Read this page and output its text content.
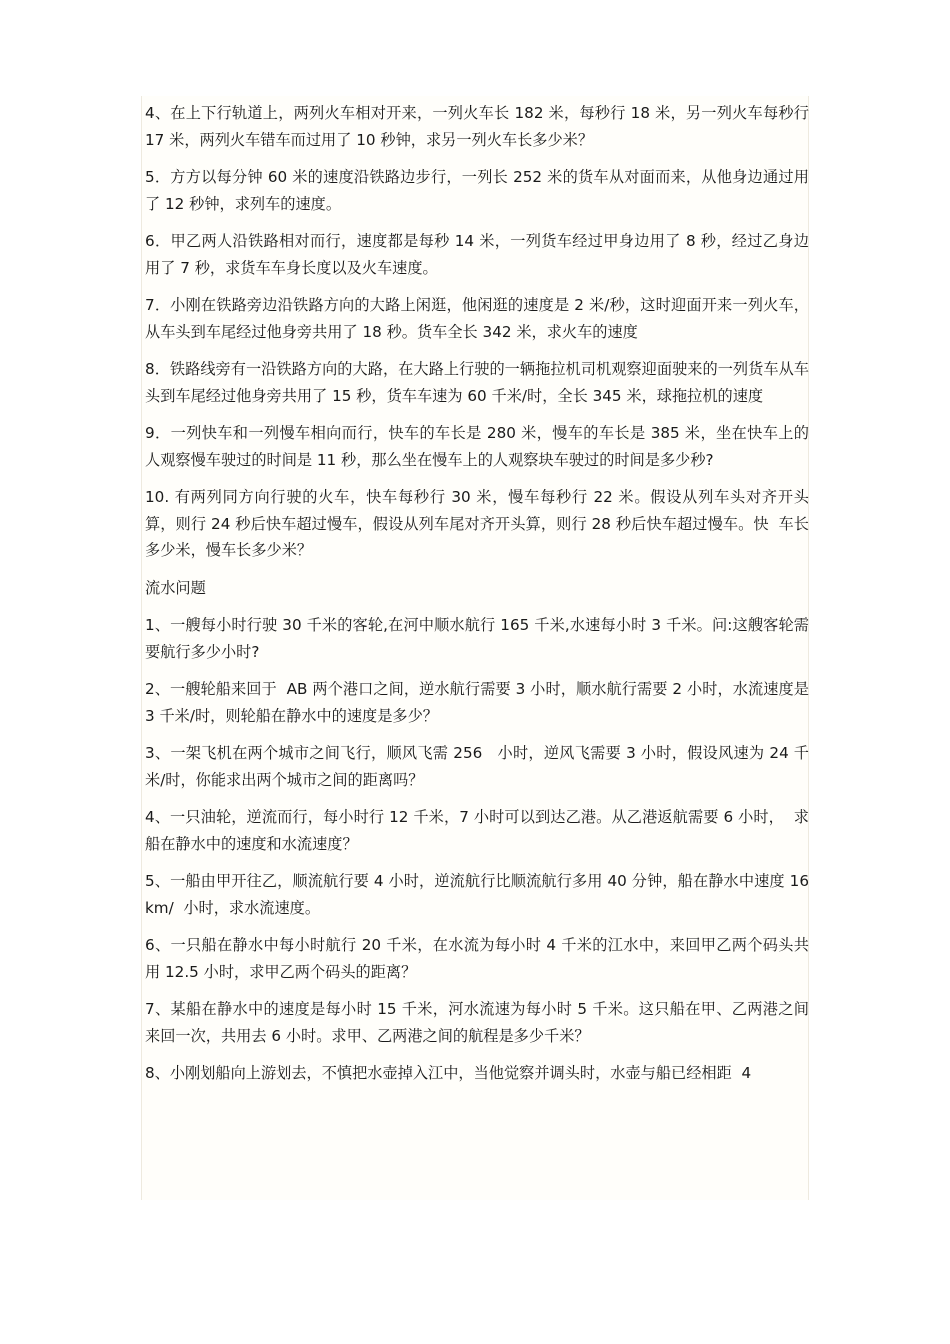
4、在上下行轨道上，两列火车相对开来，一列火车长 182 米，每秒行 18 米，另一列火车每秒行 17 米，两列火车错车而过用了 10 秒钟，求另一列火车长多少米？

5．方方以每分钟 60 米的速度沿铁路边步行，一列长 252 米的货车从对面而来，从他身边通过用了 12 秒钟，求列车的速度。

6．甲乙两人沿铁路相对而行，速度都是每秒 14 米，一列货车经过甲身边用了 8 秒，经过乙身边用了 7 秒，求货车车身长度以及火车速度。

7．小刚在铁路旁边沿铁路方向的大路上闲逛，他闲逛的速度是 2 米/秒，这时迎面开来一列火车，从车头到车尾经过他身旁共用了 18 秒。货车全长 342 米，求火车的速度

8．铁路线旁有一沿铁路方向的大路，在大路上行驶的一辆拖拉机司机观察迎面驶来的一列货车从车头到车尾经过他身旁共用了 15 秒，货车车速为 60 千米/时，全长 345 米，球拖拉机的速度

9．一列快车和一列慢车相向而行，快车的车长是 280 米，慢车的车长是 385 米，坐在快车上的人观察慢车驶过的时间是 11 秒，那么坐在慢车上的人观察块车驶过的时间是多少秒?

10. 有两列同方向行驶的火车，快车每秒行 30 米，慢车每秒行 22 米。假设从列车头对齐开头算，则行 24 秒后快车超过慢车，假设从列车尾对齐开头算，则行 28 秒后快车超过慢车。快  车长多少米，慢车长多少米？

流水问题

1、一艘每小时行驶 30 千米的客轮,在河中顺水航行 165 千米,水速每小时 3 千米。问:这艘客轮需要航行多少小时?

2、一艘轮船来回于  AB 两个港口之间，逆水航行需要 3 小时，顺水航行需要 2 小时，水流速度是 3 千米/时，则轮船在静水中的速度是多少？

3、一架飞机在两个城市之间飞行，顺风飞需 256   小时，逆风飞需要 3 小时，假设风速为 24 千米/时，你能求出两个城市之间的距离吗？

4、一只油轮，逆流而行，每小时行 12 千米，7 小时可以到达乙港。从乙港返航需要 6 小时，  求船在静水中的速度和水流速度？

5、一船由甲开往乙，顺流航行要 4 小时，逆流航行比顺流航行多用 40 分钟，船在静水中速度 16km/  小时，求水流速度。

6、一只船在静水中每小时航行 20 千米，在水流为每小时 4 千米的江水中，来回甲乙两个码头共用 12.5 小时，求甲乙两个码头的距离？

7、某船在静水中的速度是每小时 15 千米，河水流速为每小时 5 千米。这只船在甲、乙两港之间来回一次，共用去 6 小时。求甲、乙两港之间的航程是多少千米？

8、小刚划船向上游划去，不慎把水壶掉入江中，当他觉察并调头时，水壶与船已经相距  4
